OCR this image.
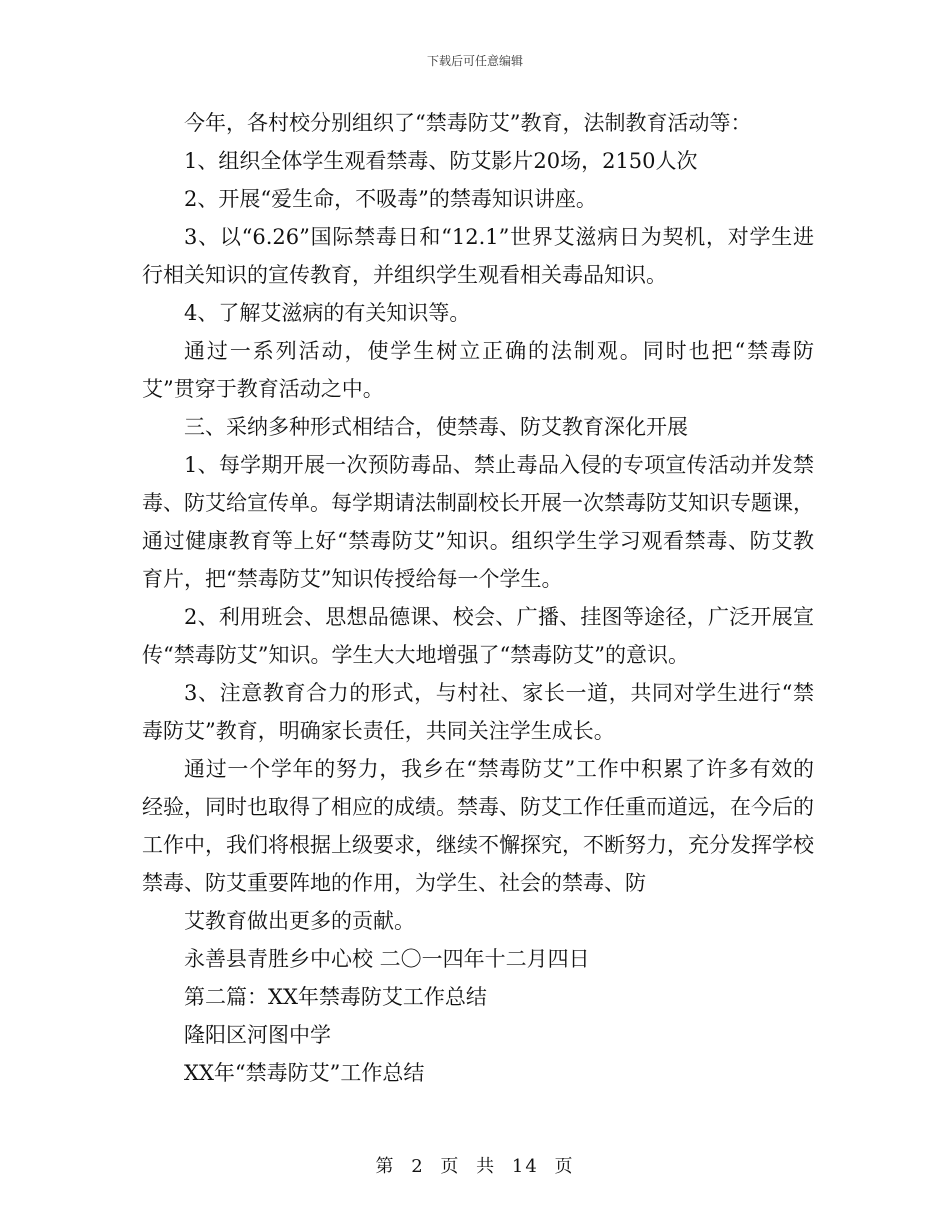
下载后可任意编辑

今年，各村校分别组织了“禁毒防艾”教育，法制教育活动等：

1、组织全体学生观看禁毒、防艾影片20场，2150人次

2、开展“爱生命，不吸毒”的禁毒知识讲座。

3、以“6.26”国际禁毒日和“12.1”世界艾滋病日为契机，对学生进行相关知识的宣传教育，并组织学生观看相关毒品知识。

4、了解艾滋病的有关知识等。

通过一系列活动，使学生树立正确的法制观。同时也把“禁毒防艾”贯穿于教育活动之中。

三、采纳多种形式相结合，使禁毒、防艾教育深化开展

1、每学期开展一次预防毒品、禁止毒品入侵的专项宣传活动并发禁毒、防艾给宣传单。每学期请法制副校长开展一次禁毒防艾知识专题课，通过健康教育等上好“禁毒防艾”知识。组织学生学习观看禁毒、防艾教育片，把“禁毒防艾”知识传授给每一个学生。

2、利用班会、思想品德课、校会、广播、挂图等途径，广泛开展宣传“禁毒防艾”知识。学生大大地增强了“禁毒防艾”的意识。

3、注意教育合力的形式，与村社、家长一道，共同对学生进行“禁毒防艾”教育，明确家长责任，共同关注学生成长。

通过一个学年的努力，我乡在“禁毒防艾”工作中积累了许多有效的经验，同时也取得了相应的成绩。禁毒、防艾工作任重而道远，在今后的工作中，我们将根据上级要求，继续不懈探究，不断努力，充分发挥学校禁毒、防艾重要阵地的作用，为学生、社会的禁毒、防

艾教育做出更多的贡献。

永善县青胜乡中心校 二〇一四年十二月四日

第二篇：XX年禁毒防艾工作总结

隆阳区河图中学

XX年“禁毒防艾”工作总结

第 2 页 共 14 页
